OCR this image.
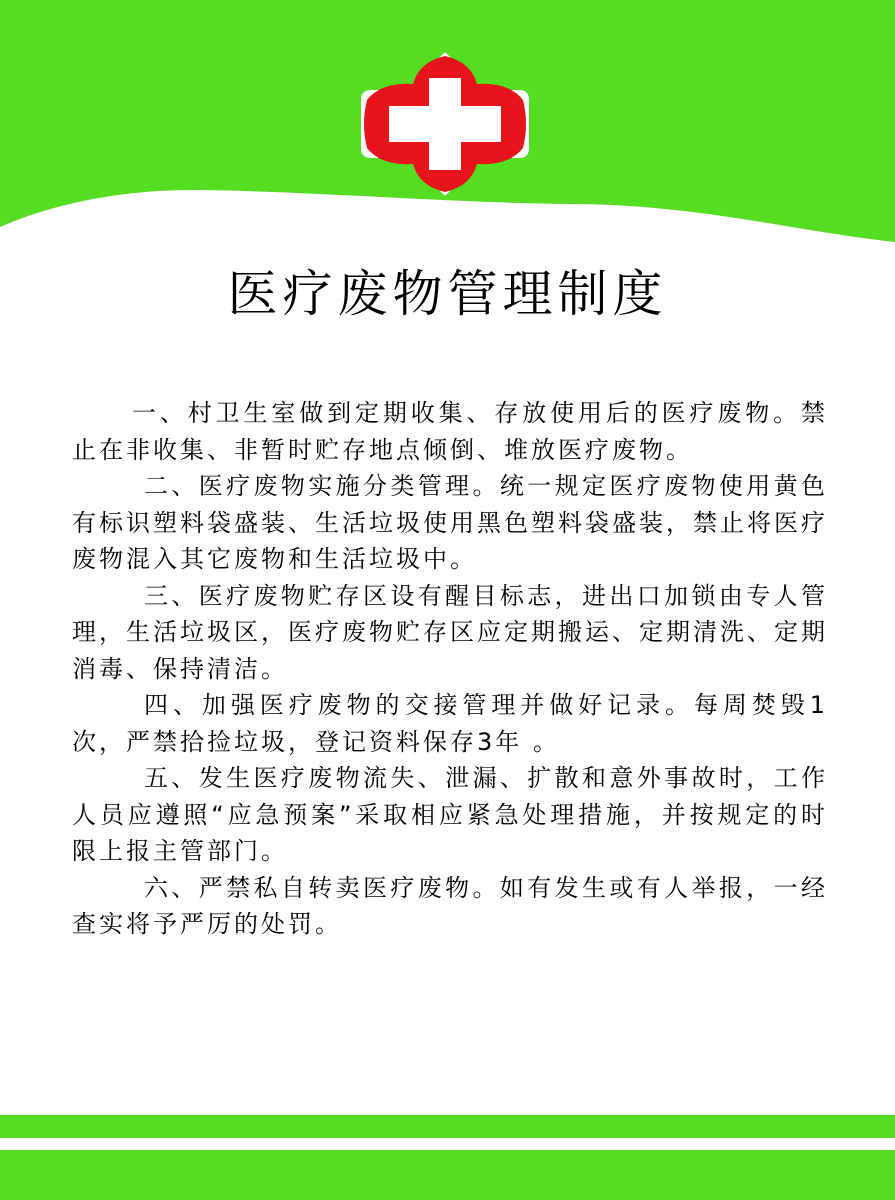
医疗废物管理制度

一、村卫生室做到定期收集、存放使用后的医疗废物。禁止在非收集、非暂时贮存地点倾倒、堆放医疗废物。

二、医疗废物实施分类管理。统一规定医疗废物使用黄色有标识塑料袋盛装、生活垃圾使用黑色塑料袋盛装，禁止将医疗废物混入其它废物和生活垃圾中。

三、医疗废物贮存区设有醒目标志，进出口加锁由专人管理，生活垃圾区，医疗废物贮存区应定期搬运、定期清洗、定期消毒、保持清洁。

四、加强医疗废物的交接管理并做好记录。每周焚毁1次，严禁拾捡垃圾，登记资料保存3年 。

五、发生医疗废物流失、泄漏、扩散和意外事故时，工作人员应遵照“应急预案”采取相应紧急处理措施，并按规定的时限上报主管部门。

六、严禁私自转卖医疗废物。如有发生或有人举报，一经查实将予严厉的处罚。
